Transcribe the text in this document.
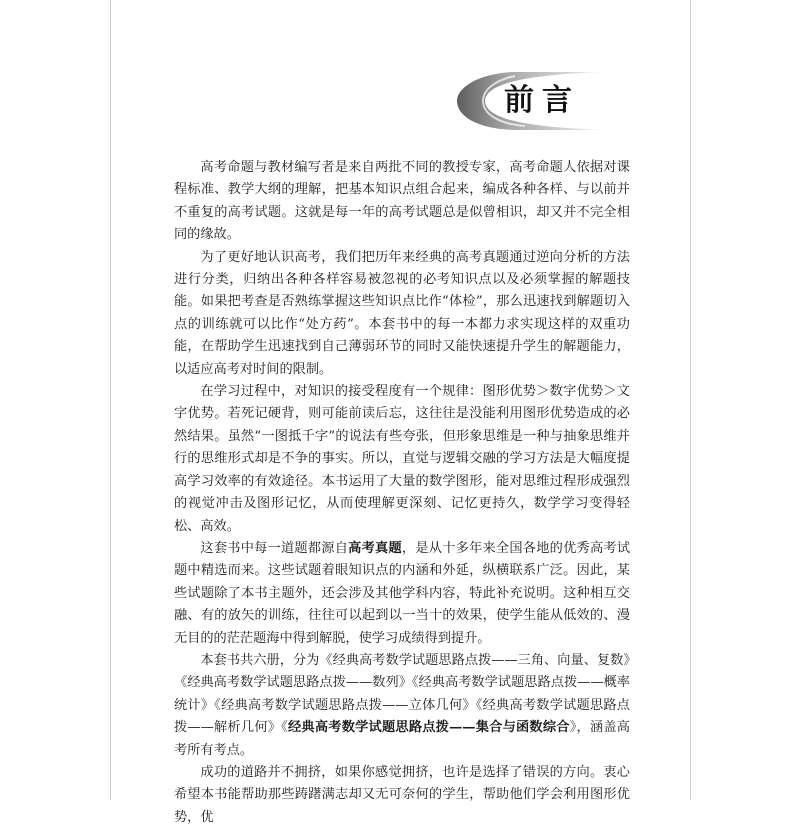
前言

高考命题与教材编写者是来自两批不同的教授专家，高考命题人依据对课程标准、教学大纲的理解，把基本知识点组合起来，编成各种各样、与以前并不重复的高考试题。这就是每一年的高考试题总是似曾相识，却又并不完全相同的缘故。

为了更好地认识高考，我们把历年来经典的高考真题通过逆向分析的方法进行分类，归纳出各种各样容易被忽视的必考知识点以及必须掌握的解题技能。如果把考查是否熟练掌握这些知识点比作“体检”，那么迅速找到解题切入点的训练就可以比作“处方药”。本套书中的每一本都力求实现这样的双重功能，在帮助学生迅速找到自己薄弱环节的同时又能快速提升学生的解题能力，以适应高考对时间的限制。

在学习过程中，对知识的接受程度有一个规律：图形优势＞数字优势＞文字优势。若死记硬背，则可能前读后忘，这往往是没能利用图形优势造成的必然结果。虽然“一图抵千字”的说法有些夸张，但形象思维是一种与抽象思维并行的思维形式却是不争的事实。所以，直觉与逻辑交融的学习方法是大幅度提高学习效率的有效途径。本书运用了大量的数学图形，能对思维过程形成强烈的视觉冲击及图形记忆，从而使理解更深刻、记忆更持久，数学学习变得轻松、高效。

这套书中每一道题都源自高考真题，是从十多年来全国各地的优秀高考试题中精选而来。这些试题着眼知识点的内涵和外延，纵横联系广泛。因此，某些试题除了本书主题外，还会涉及其他学科内容，特此补充说明。这种相互交融、有的放矢的训练，往往可以起到以一当十的效果，使学生能从低效的、漫无目的的茫茫题海中得到解脱，使学习成绩得到提升。

本套书共六册，分为《经典高考数学试题思路点拨——三角、向量、复数》《经典高考数学试题思路点拨——数列》《经典高考数学试题思路点拨——概率统计》《经典高考数学试题思路点拨——立体几何》《经典高考数学试题思路点拨——解析几何》《经典高考数学试题思路点拨——集合与函数综合》，涵盖高考所有考点。

成功的道路并不拥挤，如果你感觉拥挤，也许是选择了错误的方向。衷心希望本书能帮助那些踌躇满志却又无可奈何的学生，帮助他们学会利用图形优势，优
